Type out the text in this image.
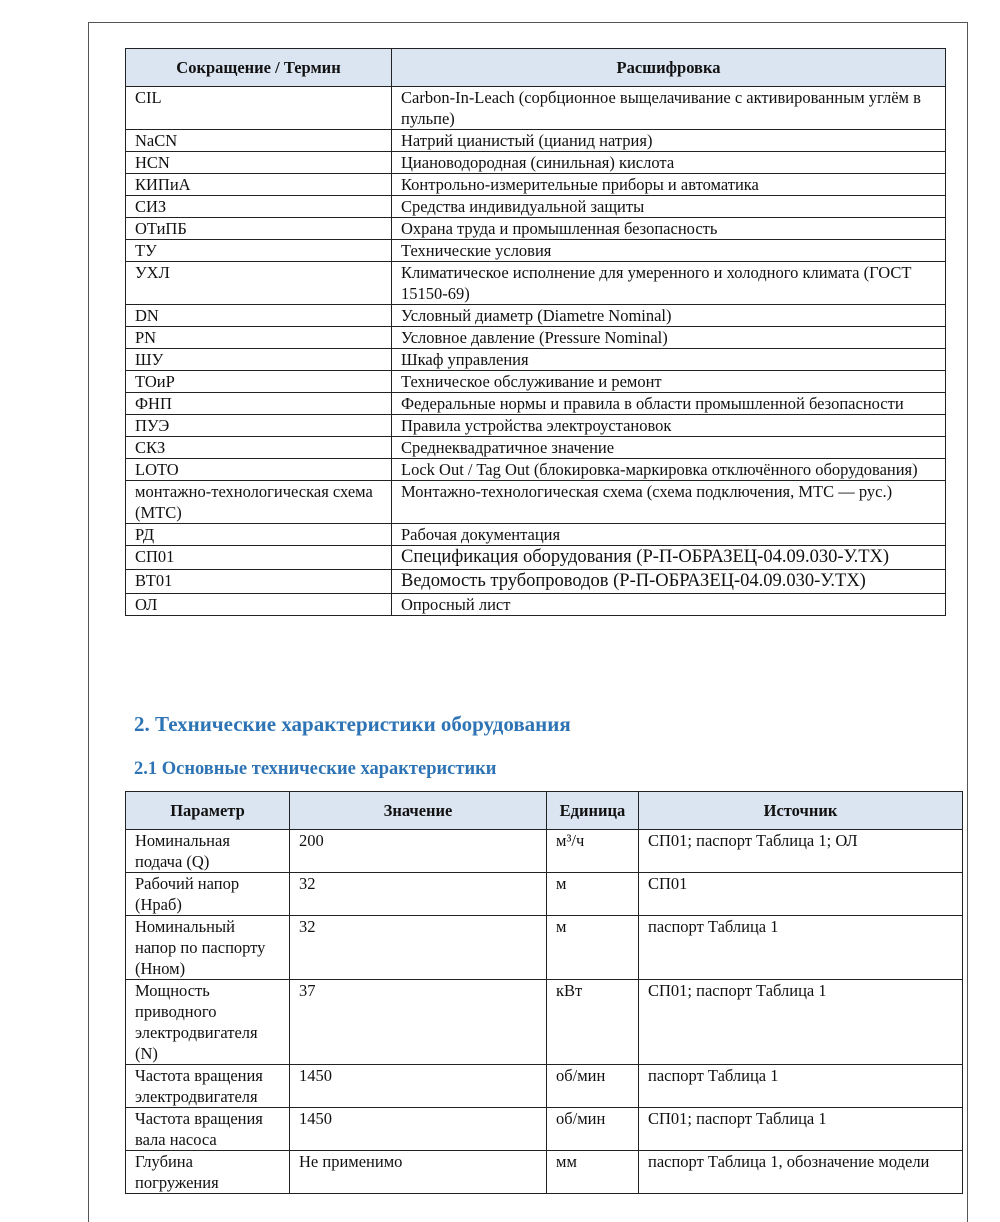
Сокращение / Термин	Расшифровка
CIL	Carbon-In-Leach (сорбционное выщелачивание с активированным углём в пульпе)
NaCN	Натрий цианистый (цианид натрия)
HCN	Циановодородная (синильная) кислота
КИПиА	Контрольно-измерительные приборы и автоматика
СИЗ	Средства индивидуальной защиты
ОТиПБ	Охрана труда и промышленная безопасность
ТУ	Технические условия
УХЛ	Климатическое исполнение для умеренного и холодного климата (ГОСТ 15150-69)
DN	Условный диаметр (Diametre Nominal)
PN	Условное давление (Pressure Nominal)
ШУ	Шкаф управления
ТОиР	Техническое обслуживание и ремонт
ФНП	Федеральные нормы и правила в области промышленной безопасности
ПУЭ	Правила устройства электроустановок
СКЗ	Среднеквадратичное значение
LOTO	Lock Out / Tag Out (блокировка-маркировка отключённого оборудования)
монтажно-технологическая схема (МТС)	Монтажно-технологическая схема (схема подключения, МТС — рус.)
РД	Рабочая документация
СП01	Спецификация оборудования (Р-П-ОБРАЗЕЦ-04.09.030-У.ТХ)
ВТ01	Ведомость трубопроводов (Р-П-ОБРАЗЕЦ-04.09.030-У.ТХ)
ОЛ	Опросный лист
2. Технические характеристики оборудования
2.1 Основные технические характеристики
Параметр	Значение	Единица	Источник
Номинальная подача (Q)	200	м³/ч	СП01; паспорт Таблица 1; ОЛ
Рабочий напор (Нраб)	32	м	СП01
Номинальный напор по паспорту (Нном)	32	м	паспорт Таблица 1
Мощность приводного электродвигателя (N)	37	кВт	СП01; паспорт Таблица 1
Частота вращения электродвигателя	1450	об/мин	паспорт Таблица 1
Частота вращения вала насоса	1450	об/мин	СП01; паспорт Таблица 1
Глубина погружения	Не применимо	мм	паспорт Таблица 1, обозначение модели
